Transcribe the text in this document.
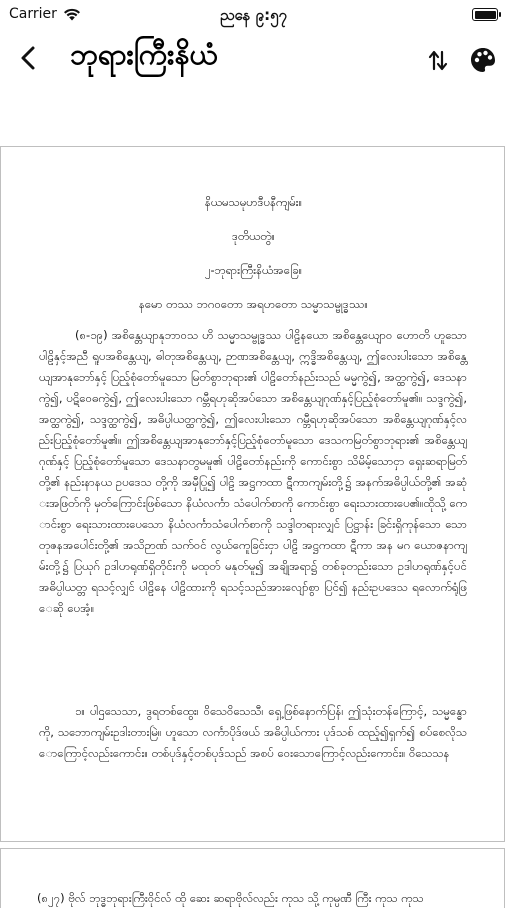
Carrier	ညနေ ၉:၅၇
ဘုရားကြီးနိယံ
နိယမသမုဟဒီပနီကျမ်း။
ဒုတိယတွဲ။
၂-ဘုရားကြီးနိယံအခြေ။
နမော တဿ ဘဂဝတော အရဟတော သမ္မာသမ္ဗုဒ္ဓဿ။
(၈-၁၉) အစိန္တေယျာနုဘာဝသ ဟိ သမ္မာသမ္ဗုဒ္ဓဿ ပါဠိနယော အစိန္တေယျော၀ ဟောတိ ဟူသောပါဠိနှင့်အညီ ရူပအစိန္တေယျ, ဓါတုအစိန္တေယျ, ဉာဏအစိန္တေယျ, ဣဒ္ဓိအစိန္တေယျ, ဤလေးပါးသော အစိန္တေယျအာနုဘော်နှင့် ပြည့်စုံတော်မူသော မြတ်စွာဘုရား၏ ပါဠိတော်နည်းသည် မမ္မကွဲ၍, အတ္ထကွဲ၍, ဒေသနာကွဲ၍, ပဋိဝေဓကွဲ၍, ဤလေးပါးသော ဂမ္ဘီရဟုဆိုအပ်သော အစိန္တေယျဂုဏ်နှင့်ပြည့်စုံတော်မူ၏။ သဒ္ဒကွဲ၍, အတ္ထကွဲ၍, သဒ္ဒတ္ထကွဲ၍, အဓိပ္ပါယတ္ထကွဲ၍, ဤလေးပါးသော ဂမ္ဘီရဟုဆိုအပ်သော အစိန္တေယျဂုဏ်နှင့်လည်းပြည့်စုံတော်မူ၏။ ဤအစိန္တေယျအာနုဘော်နှင့်ပြည့်စုံတော်မူသော ဒေသကမြတ်စွာဘုရား၏ အစိန္တေယျဂုဏ်နှင့် ပြည့်စုံတော်မူသော ဒေသနာတွမမူ၏ ပါဠိတော်နည်းကို ကောင်းစွာ သိမိမ့်သောငှာ ရှေးဆရာမြတ်တို့၏ နည်းနာနယ ဥပဒေသ တို့ကို အမှီပြု၍ ပါဠိ အဋ္ဌကထာ ဋီကာကျမ်းတို့၌ အနက်အဓိပ္ပါယ်တို့၏ အဆုံးအဖြတ်ကို မှတ်ကြောင်းဖြစ်သော နိယံလင်္ကာ သံပေါက်စာကို ကောင်းစွာ ရေးသားထားပေ၏။ထိုသို့ ကောင်းစွာ ရေးသားထားပေသော နိယံလင်္ကာသံပေါက်စာကို သဒ္ဒါတရားလျှင် ပြဋ္ဌာန်း ခြင်းရှိကုန်သော သောတုဇနအပေါင်းတို့၏ အသိဉာဏ် သက်ဝင် လွယ်ကေူခြင်းငှာ ပါဠိ အဋ္ဌကထာ ဋီကာ အန မဂ ယောဇနာကျမ်းတို့၌ ပြယုဂ် ဥဒါဟရုဏ်ရှိတိုင်းကို မထုတ် မနုတ်မူ၍ အချိုအရာ၌ တစ်ခုတည်းသော ဥဒါဟရုဏ်နှင့်ပင် အဓိပ္ပါယတ္တ ရသင့်လျှင် ပါဠိနေ ပါဠိထားကို ရသင့်သည်အားလျော်စွာ ပြင်၍ နည်းဥပဒေသ ရလောက်ရုံဖြေဆို ပေအံ့။
၁။ ပါဌသေသာ, ဒွရတစ်ထွေး၊ ဝိသေဝိသေသီ၊ ရှေ့ဖြစ်နောက်ပြန်၊ ဤသုံးတန်ကြောင့်, သမ္မန္ဓောကို, သဘောကျမ်းဥဒါးတားမြဲ။ ဟူသော လင်္ကာပိုဒ်ဖယ် အဓိပ္ပါယ်ကား ပုဒ်သစ် ထည့်၍ရှက်၍ စပ်စေလိုသောကြောင့်လည်းကောင်း။ တစ်ပုဒ်နှင့်တစ်ပုဒ်သည် အစပ် ဝေးသောကြောင့်လည်းကောင်း။ ဝိသေသန
(၈၂၇) ဗိုလ် ဘုဒ္ဓဘုရားကြီးဝိုင်လ် ထို ဆေး ဆရာဗိုလ်လည်း ကုသ သို့ ကုမ္ပဏီ ကြီး ကုသ ကုသ
